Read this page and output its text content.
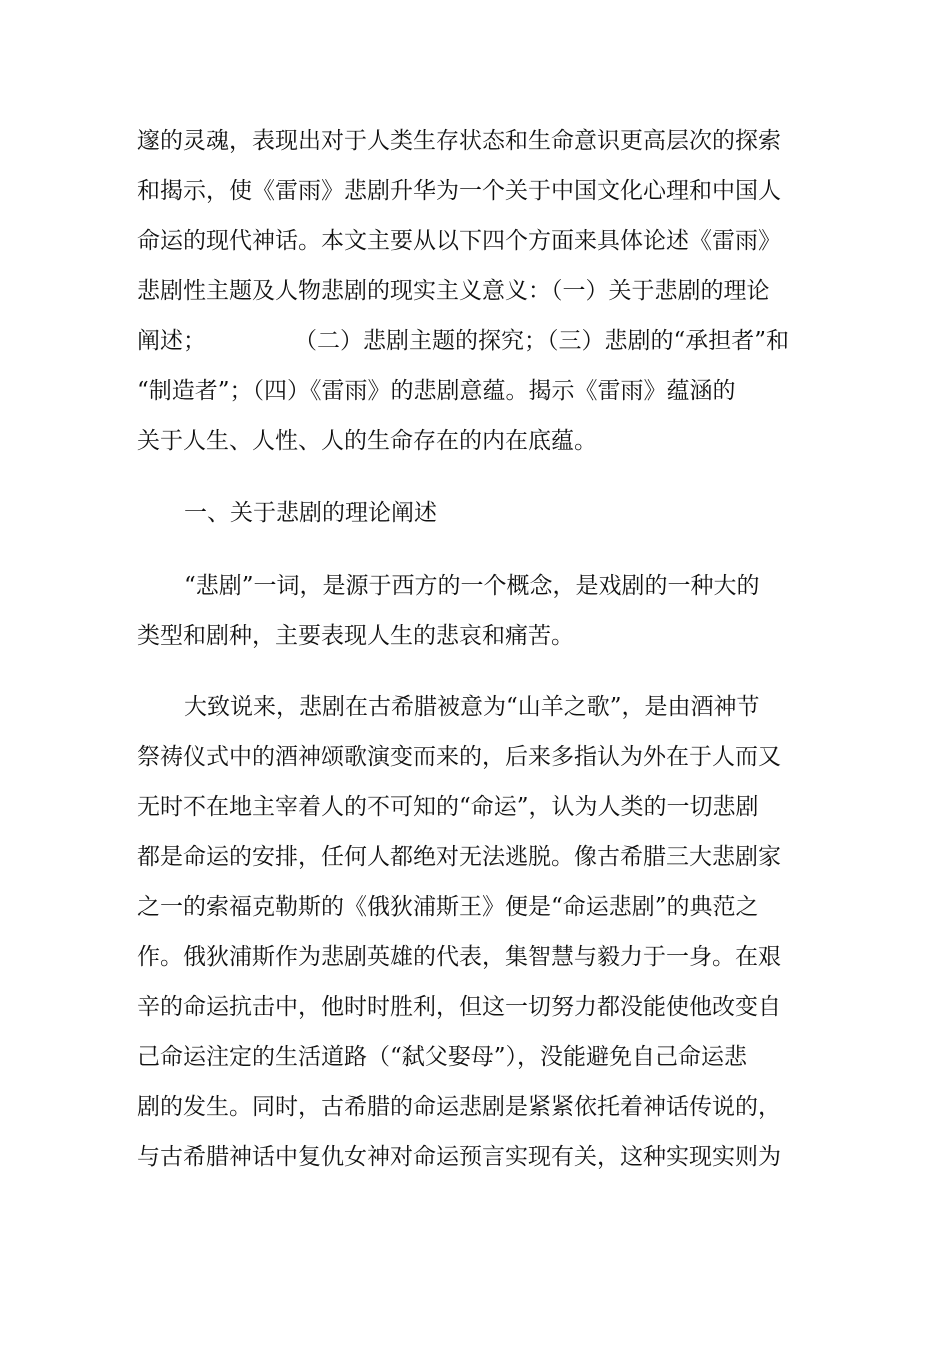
邃的灵魂，表现出对于人类生存状态和生命意识更高层次的探索
和揭示，使《雷雨》悲剧升华为一个关于中国文化心理和中国人
命运的现代神话。本文主要从以下四个方面来具体论述《雷雨》
悲剧性主题及人物悲剧的现实主义意义：（一）关于悲剧的理论
阐述；	（二）悲剧主题的探究；（三）悲剧的“承担者”和
“制造者”；（四）《雷雨》的悲剧意蕴。揭示《雷雨》蕴涵的
关于人生、人性、人的生命存在的内在底蕴。
一、关于悲剧的理论阐述
“悲剧”一词，是源于西方的一个概念，是戏剧的一种大的
类型和剧种，主要表现人生的悲哀和痛苦。
大致说来，悲剧在古希腊被意为“山羊之歌”，是由酒神节
祭祷仪式中的酒神颂歌演变而来的，后来多指认为外在于人而又
无时不在地主宰着人的不可知的“命运”，认为人类的一切悲剧
都是命运的安排，任何人都绝对无法逃脱。像古希腊三大悲剧家
之一的索福克勒斯的《俄狄浦斯王》便是“命运悲剧”的典范之
作。俄狄浦斯作为悲剧英雄的代表，集智慧与毅力于一身。在艰
辛的命运抗击中，他时时胜利，但这一切努力都没能使他改变自
己命运注定的生活道路（“弑父娶母”），没能避免自己命运悲
剧的发生。同时，古希腊的命运悲剧是紧紧依托着神话传说的，
与古希腊神话中复仇女神对命运预言实现有关，这种实现实则为
